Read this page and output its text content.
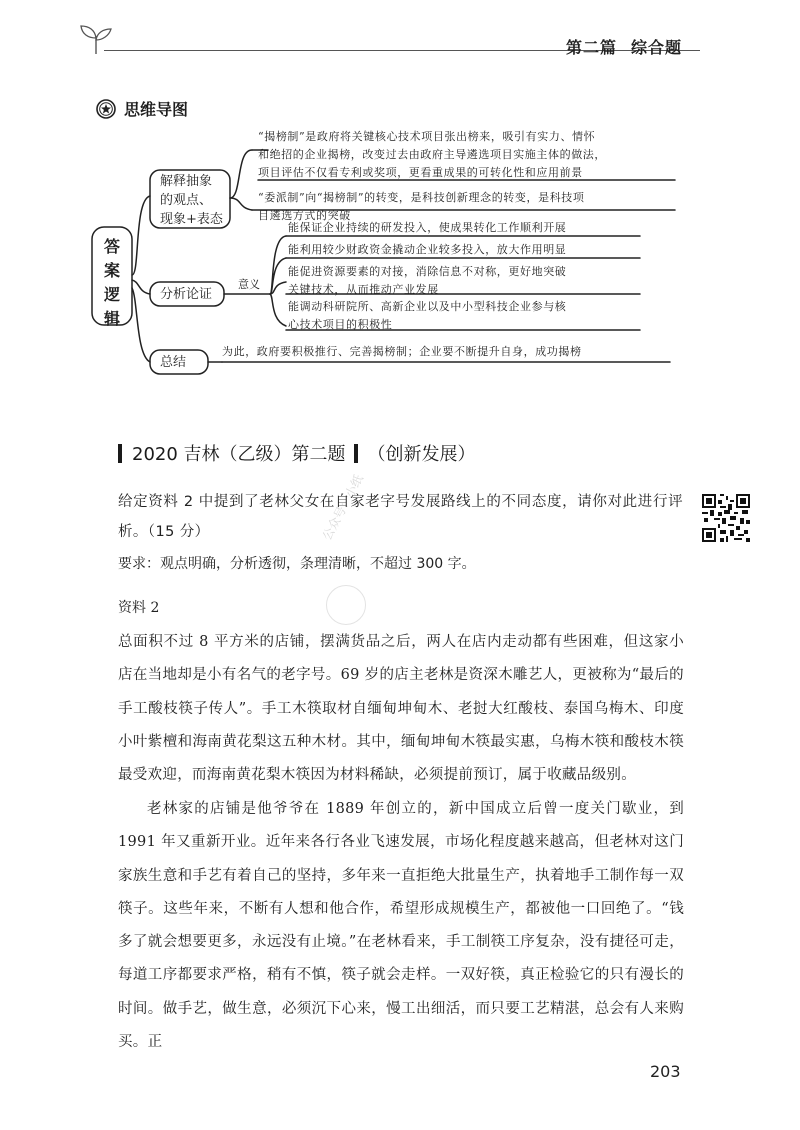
第二篇 综合题
思维导图
答案逻辑
解释抽象
的观点、
现象+表态
分析论证
总结
意义
“揭榜制”是政府将关键核心技术项目张出榜来，吸引有实力、情怀
和绝招的企业揭榜，改变过去由政府主导遴选项目实施主体的做法，
项目评估不仅看专利或奖项，更看重成果的可转化性和应用前景
“委派制”向“揭榜制”的转变，是科技创新理念的转变，是科技项
目遴选方式的突破
能保证企业持续的研发投入，使成果转化工作顺利开展
能利用较少财政资金撬动企业较多投入，放大作用明显
能促进资源要素的对接，消除信息不对称，更好地突破
关键技术，从而推动产业发展
能调动科研院所、高新企业以及中小型科技企业参与核
心技术项目的积极性
为此，政府要积极推行、完善揭榜制；企业要不断提升自身，成功揭榜
2020 吉林（乙级）第二题 （创新发展）
公众号：小纸
给定资料 2 中提到了老林父女在自家老字号发展路线上的不同态度，请你对此进行评析。（15 分）
要求：观点明确，分析透彻，条理清晰，不超过 300 字。
资料 2
总面积不过 8 平方米的店铺，摆满货品之后，两人在店内走动都有些困难，但这家小店在当地却是小有名气的老字号。69 岁的店主老林是资深木雕艺人，更被称为“最后的手工酸枝筷子传人”。手工木筷取材自缅甸坤甸木、老挝大红酸枝、泰国乌梅木、印度小叶紫檀和海南黄花梨这五种木材。其中，缅甸坤甸木筷最实惠，乌梅木筷和酸枝木筷最受欢迎，而海南黄花梨木筷因为材料稀缺，必须提前预订，属于收藏品级别。
老林家的店铺是他爷爷在 1889 年创立的，新中国成立后曾一度关门歇业，到 1991 年又重新开业。近年来各行各业飞速发展，市场化程度越来越高，但老林对这门家族生意和手艺有着自己的坚持，多年来一直拒绝大批量生产，执着地手工制作每一双筷子。这些年来，不断有人想和他合作，希望形成规模生产，都被他一口回绝了。“钱多了就会想要更多，永远没有止境。”在老林看来，手工制筷工序复杂，没有捷径可走，每道工序都要求严格，稍有不慎，筷子就会走样。一双好筷，真正检验它的只有漫长的时间。做手艺，做生意，必须沉下心来，慢工出细活，而只要工艺精湛，总会有人来购买。正
203
